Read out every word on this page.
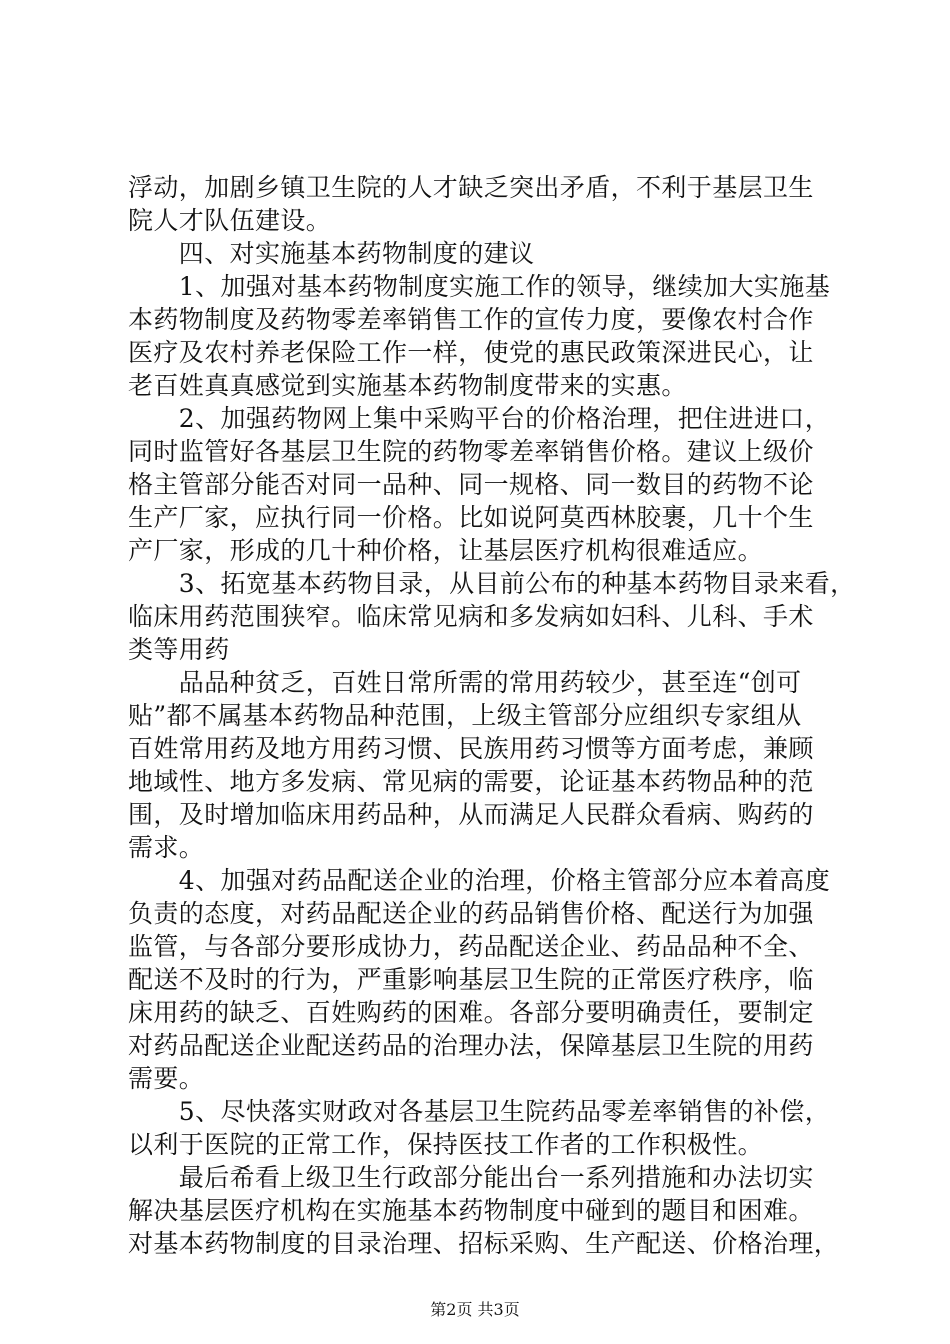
浮动，加剧乡镇卫生院的人才缺乏突出矛盾，不利于基层卫生
院人才队伍建设。
　　四、对实施基本药物制度的建议
　　1、加强对基本药物制度实施工作的领导，继续加大实施基
本药物制度及药物零差率销售工作的宣传力度，要像农村合作
医疗及农村养老保险工作一样，使党的惠民政策深进民心，让
老百姓真真感觉到实施基本药物制度带来的实惠。
　　2、加强药物网上集中采购平台的价格治理，把住进进口，
同时监管好各基层卫生院的药物零差率销售价格。建议上级价
格主管部分能否对同一品种、同一规格、同一数目的药物不论
生产厂家，应执行同一价格。比如说阿莫西林胶裹，几十个生
产厂家，形成的几十种价格，让基层医疗机构很难适应。
　　3、拓宽基本药物目录，从目前公布的种基本药物目录来看，
临床用药范围狭窄。临床常见病和多发病如妇科、儿科、手术
类等用药
　　品品种贫乏，百姓日常所需的常用药较少，甚至连“创可
贴”都不属基本药物品种范围，上级主管部分应组织专家组从
百姓常用药及地方用药习惯、民族用药习惯等方面考虑，兼顾
地域性、地方多发病、常见病的需要，论证基本药物品种的范
围，及时增加临床用药品种，从而满足人民群众看病、购药的
需求。
　　4、加强对药品配送企业的治理，价格主管部分应本着高度
负责的态度，对药品配送企业的药品销售价格、配送行为加强
监管，与各部分要形成协力，药品配送企业、药品品种不全、
配送不及时的行为，严重影响基层卫生院的正常医疗秩序，临
床用药的缺乏、百姓购药的困难。各部分要明确责任，要制定
对药品配送企业配送药品的治理办法，保障基层卫生院的用药
需要。
　　5、尽快落实财政对各基层卫生院药品零差率销售的补偿，
以利于医院的正常工作，保持医技工作者的工作积极性。
　　最后希看上级卫生行政部分能出台一系列措施和办法切实
解决基层医疗机构在实施基本药物制度中碰到的题目和困难。
对基本药物制度的目录治理、招标采购、生产配送、价格治理，
第2页 共3页
